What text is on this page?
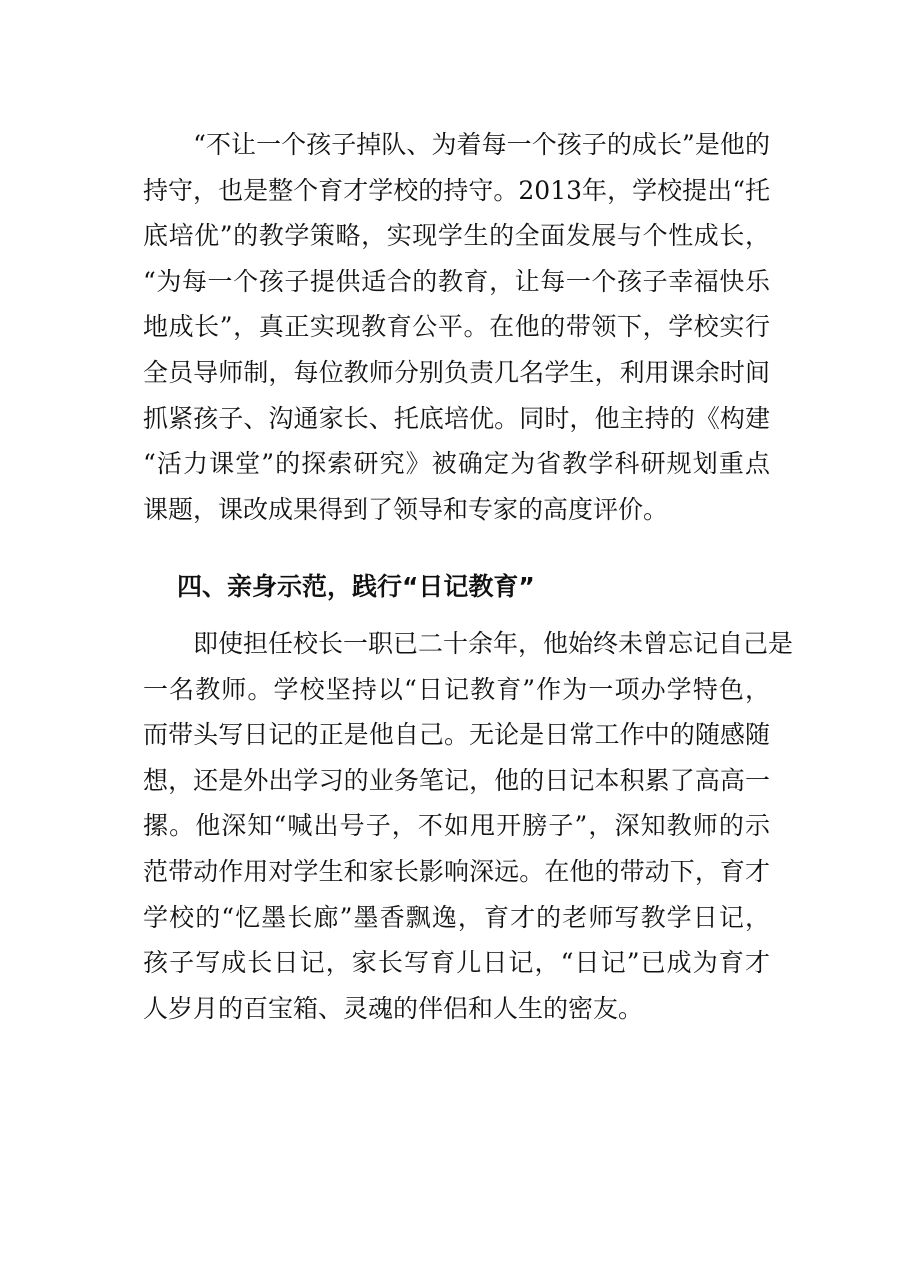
　　“不让一个孩子掉队、为着每一个孩子的成长”是他的
持守，也是整个育才学校的持守。2013年，学校提出“托
底培优”的教学策略，实现学生的全面发展与个性成长，
“为每一个孩子提供适合的教育，让每一个孩子幸福快乐
地成长”，真正实现教育公平。在他的带领下，学校实行
全员导师制，每位教师分别负责几名学生，利用课余时间
抓紧孩子、沟通家长、托底培优。同时，他主持的《构建
“活力课堂”的探索研究》被确定为省教学科研规划重点
课题，课改成果得到了领导和专家的高度评价。

四、亲身示范，践行“日记教育”

　　即使担任校长一职已二十余年，他始终未曾忘记自己是
一名教师。学校坚持以“日记教育”作为一项办学特色，
而带头写日记的正是他自己。无论是日常工作中的随感随
想，还是外出学习的业务笔记，他的日记本积累了高高一
摞。他深知“喊出号子，不如甩开膀子”，深知教师的示
范带动作用对学生和家长影响深远。在他的带动下，育才
学校的“忆墨长廊”墨香飘逸，育才的老师写教学日记，
孩子写成长日记，家长写育儿日记，“日记”已成为育才
人岁月的百宝箱、灵魂的伴侣和人生的密友。
